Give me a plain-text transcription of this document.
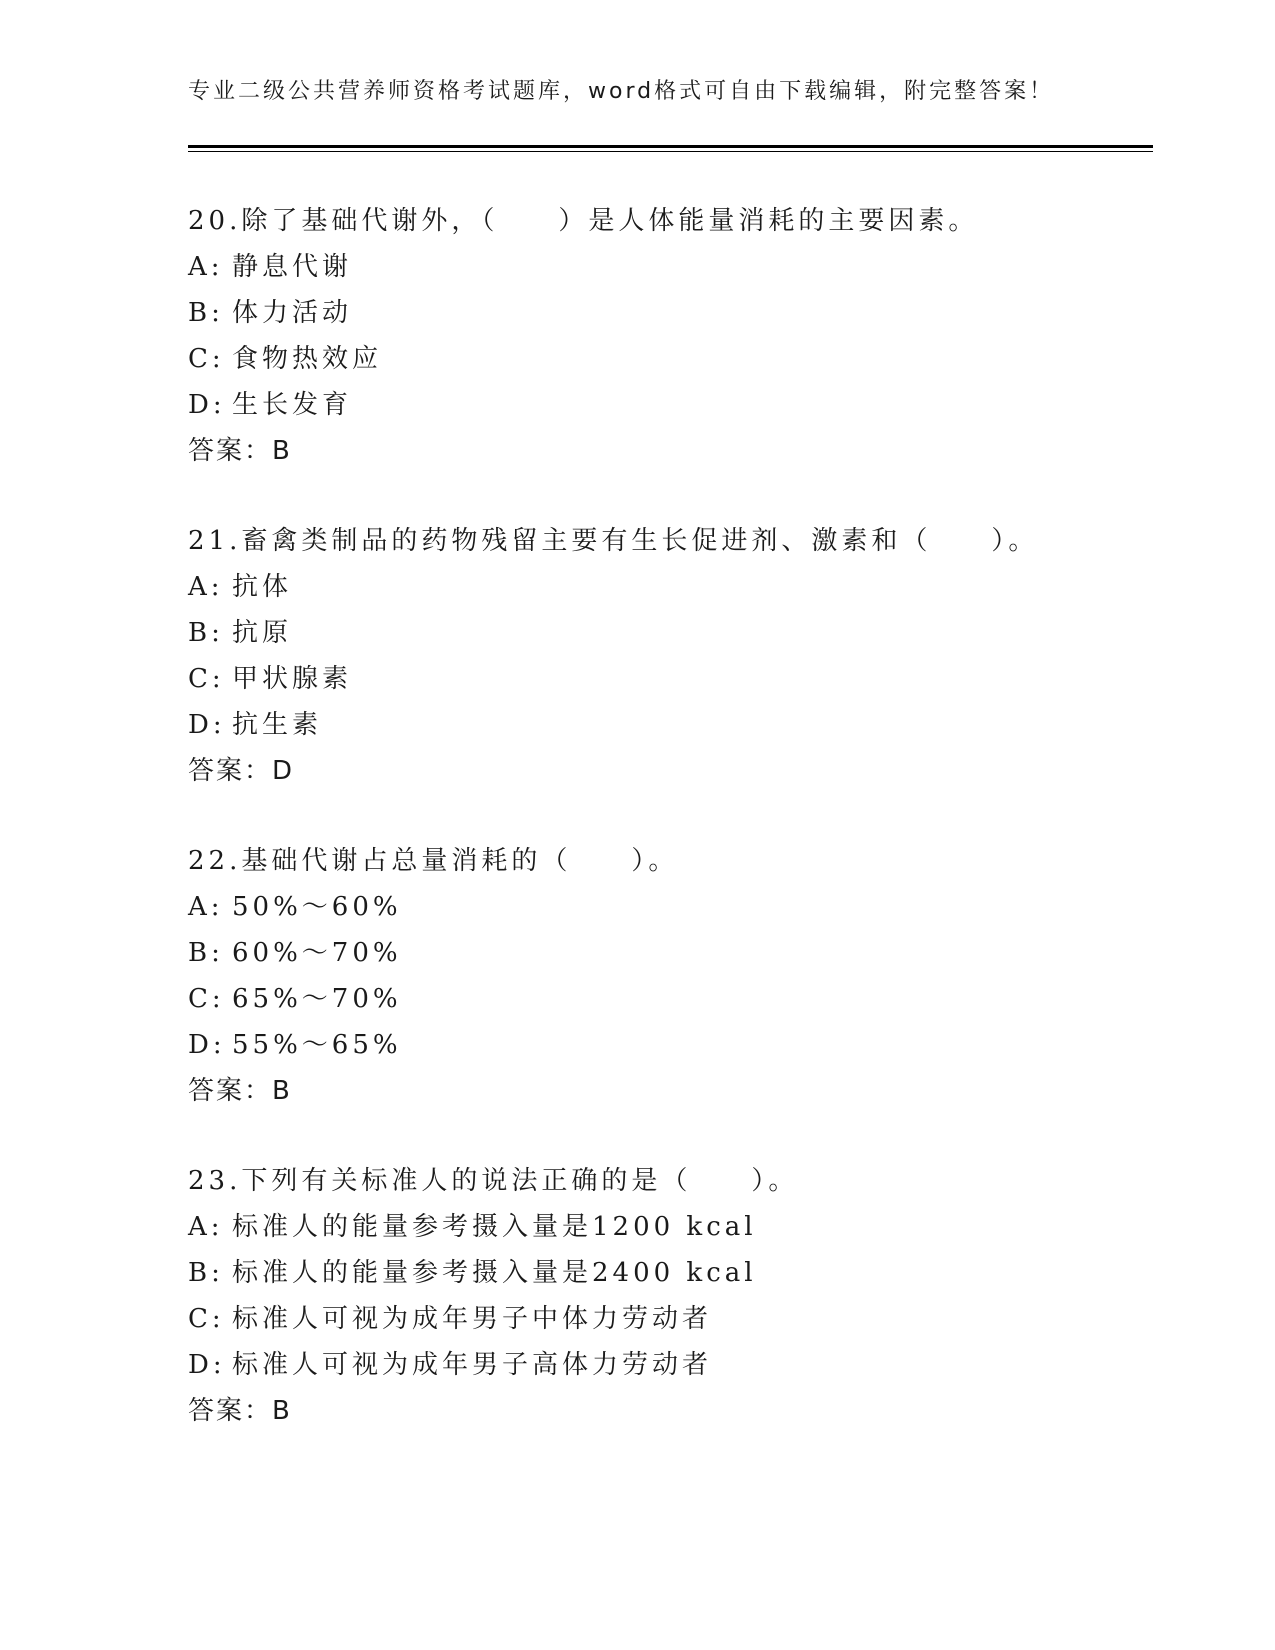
专业二级公共营养师资格考试题库，word格式可自由下载编辑，附完整答案！
20.除了基础代谢外，（　　）是人体能量消耗的主要因素。
A: 静息代谢
B: 体力活动
C: 食物热效应
D: 生长发育
答案：B
21.畜禽类制品的药物残留主要有生长促进剂、激素和（　　）。
A: 抗体
B: 抗原
C: 甲状腺素
D: 抗生素
答案：D
22.基础代谢占总量消耗的（　　）。
A: 50%～60%
B: 60%～70%
C: 65%～70%
D: 55%～65%
答案：B
23.下列有关标准人的说法正确的是（　　）。
A: 标准人的能量参考摄入量是1200 kcal
B: 标准人的能量参考摄入量是2400 kcal
C: 标准人可视为成年男子中体力劳动者
D: 标准人可视为成年男子高体力劳动者
答案：B
